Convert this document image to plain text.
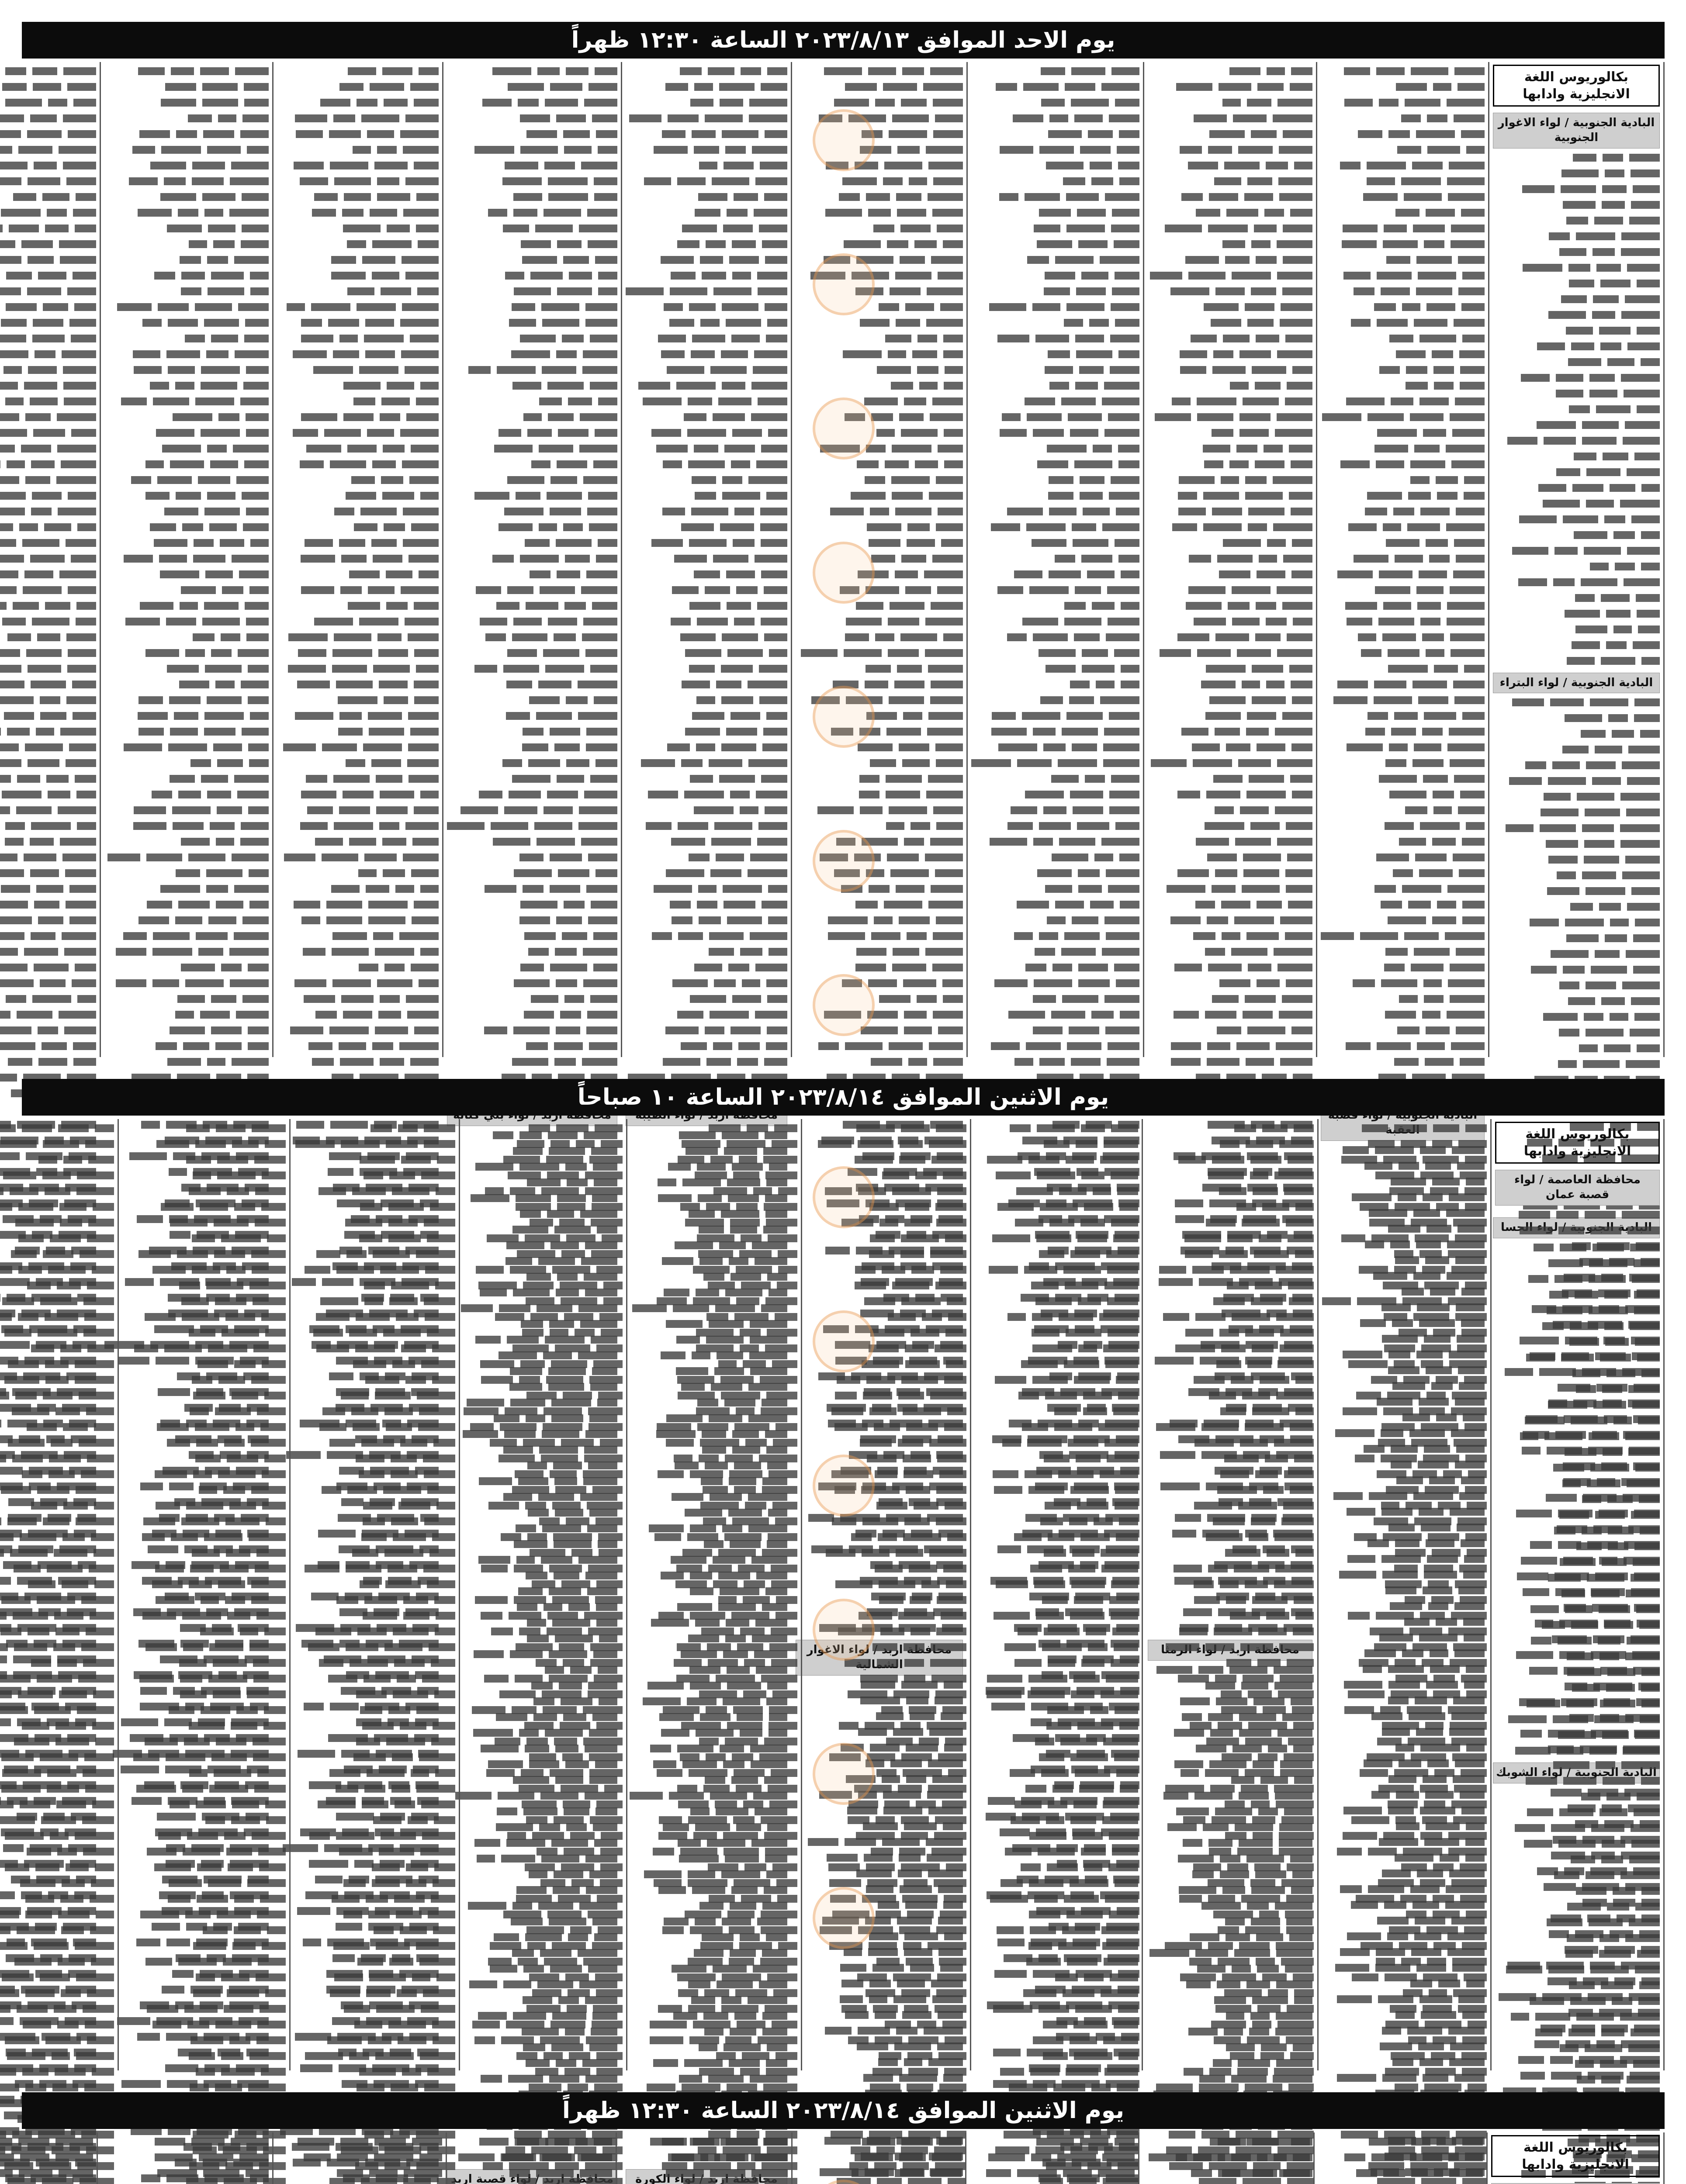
يوم الاحد الموافق ٢٠٢٣/٨/١٣ الساعة ١٢:٣٠ ظهراً
بكالوريوس اللغة الانجليزية وادابها
البادية الجنوبية / لواء الاغوار الجنوبية
البادية الجنوبية / لواء البتراء
الحسا
البادية الجنوبية / لواء الشوبك
محافظة اربد
محافظة لواء الاغوار
اربد الكورة
/ قصبة اربد
يوم الاثنين الموافق ٢٠٢٣/٨/١٤ الساعة ١٠ صباحاً
بكالوريوس اللغة الانجليزية وادابها
محافظة العاصمة / لواء قصبة عمان
يوم الاثنين الموافق ٢٠٢٣/٨/١٤ الساعة ١٢:٣٠ ظهراً
بكالوريوس اللغة الانجليزية وادابها
